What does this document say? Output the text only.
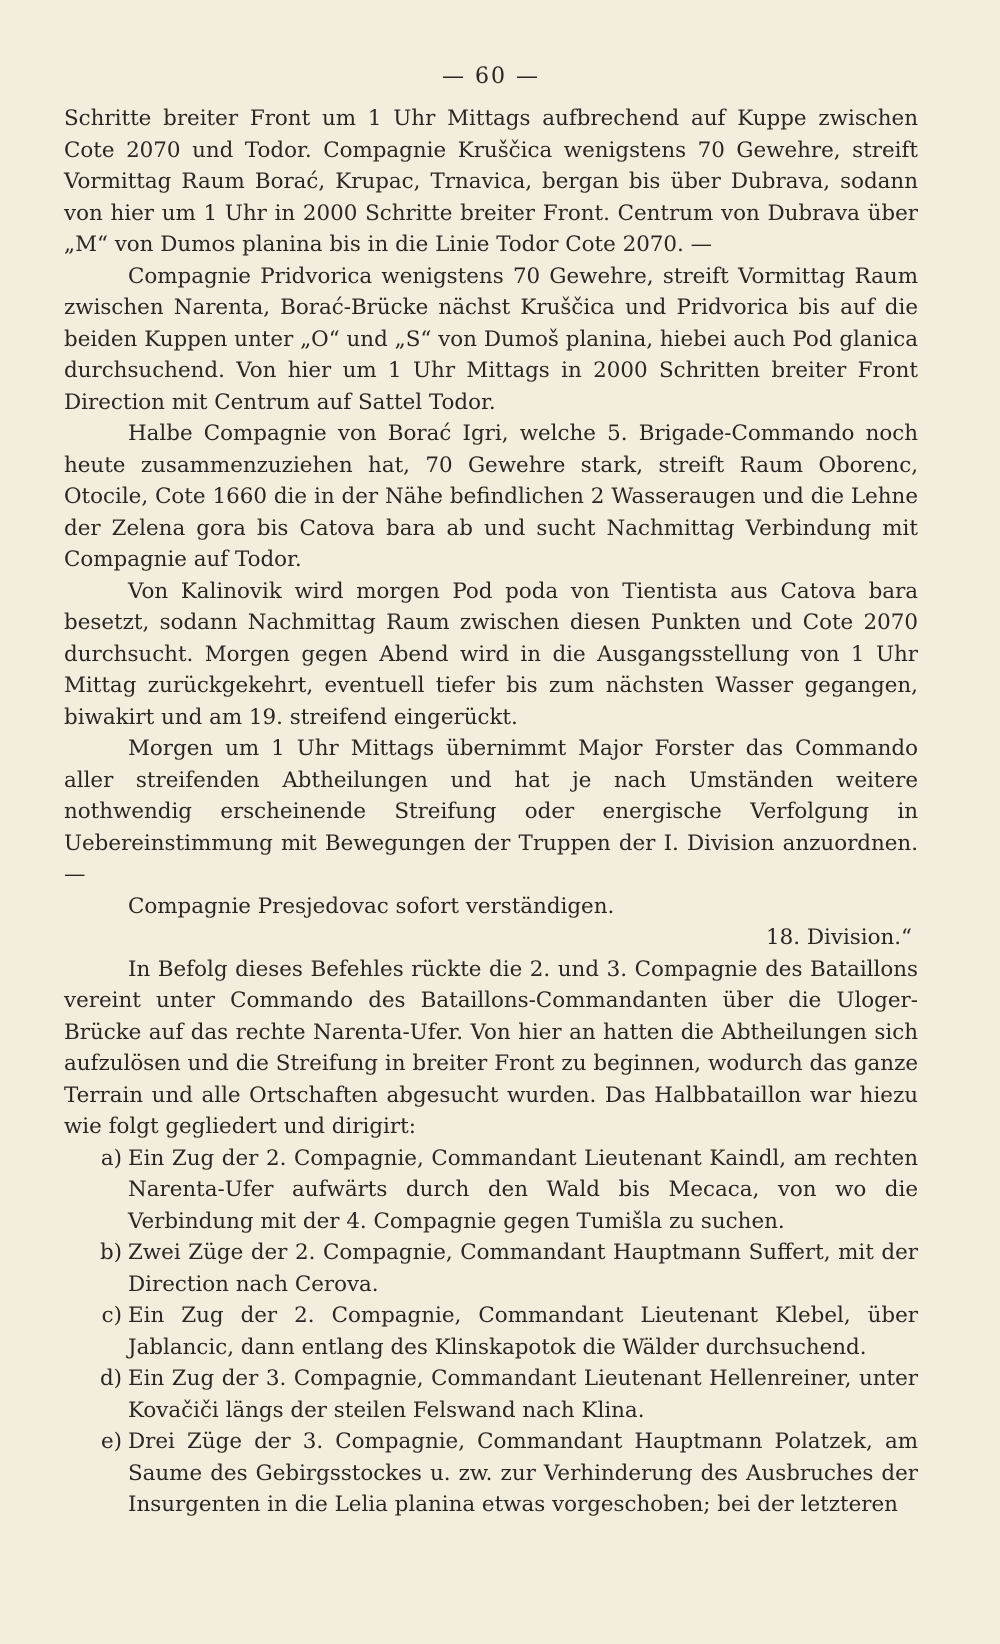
— 60 —

Schritte breiter Front um 1 Uhr Mittags aufbrechend auf Kuppe zwischen Cote 2070 und Todor. Compagnie Kruščica wenigstens 70 Gewehre, streift Vormittag Raum Borać, Krupac, Trnavica, bergan bis über Dubrava, sodann von hier um 1 Uhr in 2000 Schritte breiter Front. Centrum von Dubrava über „M“ von Dumos planina bis in die Linie Todor Cote 2070. —

Compagnie Pridvorica wenigstens 70 Gewehre, streift Vormittag Raum zwischen Narenta, Borać-Brücke nächst Kruščica und Pridvorica bis auf die beiden Kuppen unter „O“ und „S“ von Dumoš planina, hiebei auch Pod glanica durchsuchend. Von hier um 1 Uhr Mittags in 2000 Schritten breiter Front Direction mit Centrum auf Sattel Todor.

Halbe Compagnie von Borać Igri, welche 5. Brigade-Commando noch heute zusammenzuziehen hat, 70 Gewehre stark, streift Raum Oborenc, Otocile, Cote 1660 die in der Nähe befindlichen 2 Wasseraugen und die Lehne der Zelena gora bis Catova bara ab und sucht Nachmittag Verbindung mit Compagnie auf Todor.

Von Kalinovik wird morgen Pod poda von Tientista aus Catova bara besetzt, sodann Nachmittag Raum zwischen diesen Punkten und Cote 2070 durchsucht. Morgen gegen Abend wird in die Ausgangsstellung von 1 Uhr Mittag zurückgekehrt, eventuell tiefer bis zum nächsten Wasser gegangen, biwakirt und am 19. streifend eingerückt.

Morgen um 1 Uhr Mittags übernimmt Major Forster das Commando aller streifenden Abtheilungen und hat je nach Umständen weitere nothwendig erscheinende Streifung oder energische Verfolgung in Uebereinstimmung mit Bewegungen der Truppen der I. Division anzuordnen. —

Compagnie Presjedovac sofort verständigen.

18. Division.“

In Befolg dieses Befehles rückte die 2. und 3. Compagnie des Bataillons vereint unter Commando des Bataillons-Commandanten über die Uloger-Brücke auf das rechte Narenta-Ufer. Von hier an hatten die Abtheilungen sich aufzulösen und die Streifung in breiter Front zu beginnen, wodurch das ganze Terrain und alle Ortschaften abgesucht wurden. Das Halbbataillon war hiezu wie folgt gegliedert und dirigirt:

a) Ein Zug der 2. Compagnie, Commandant Lieutenant Kaindl, am rechten Narenta-Ufer aufwärts durch den Wald bis Mecaca, von wo die Verbindung mit der 4. Compagnie gegen Tumišla zu suchen.
b) Zwei Züge der 2. Compagnie, Commandant Hauptmann Suffert, mit der Direction nach Cerova.
c) Ein Zug der 2. Compagnie, Commandant Lieutenant Klebel, über Jablancic, dann entlang des Klinskapotok die Wälder durchsuchend.
d) Ein Zug der 3. Compagnie, Commandant Lieutenant Hellenreiner, unter Kovačiči längs der steilen Felswand nach Klina.
e) Drei Züge der 3. Compagnie, Commandant Hauptmann Polatzek, am Saume des Gebirgsstockes u. zw. zur Verhinderung des Ausbruches der Insurgenten in die Lelia planina etwas vorgeschoben; bei der letzteren
